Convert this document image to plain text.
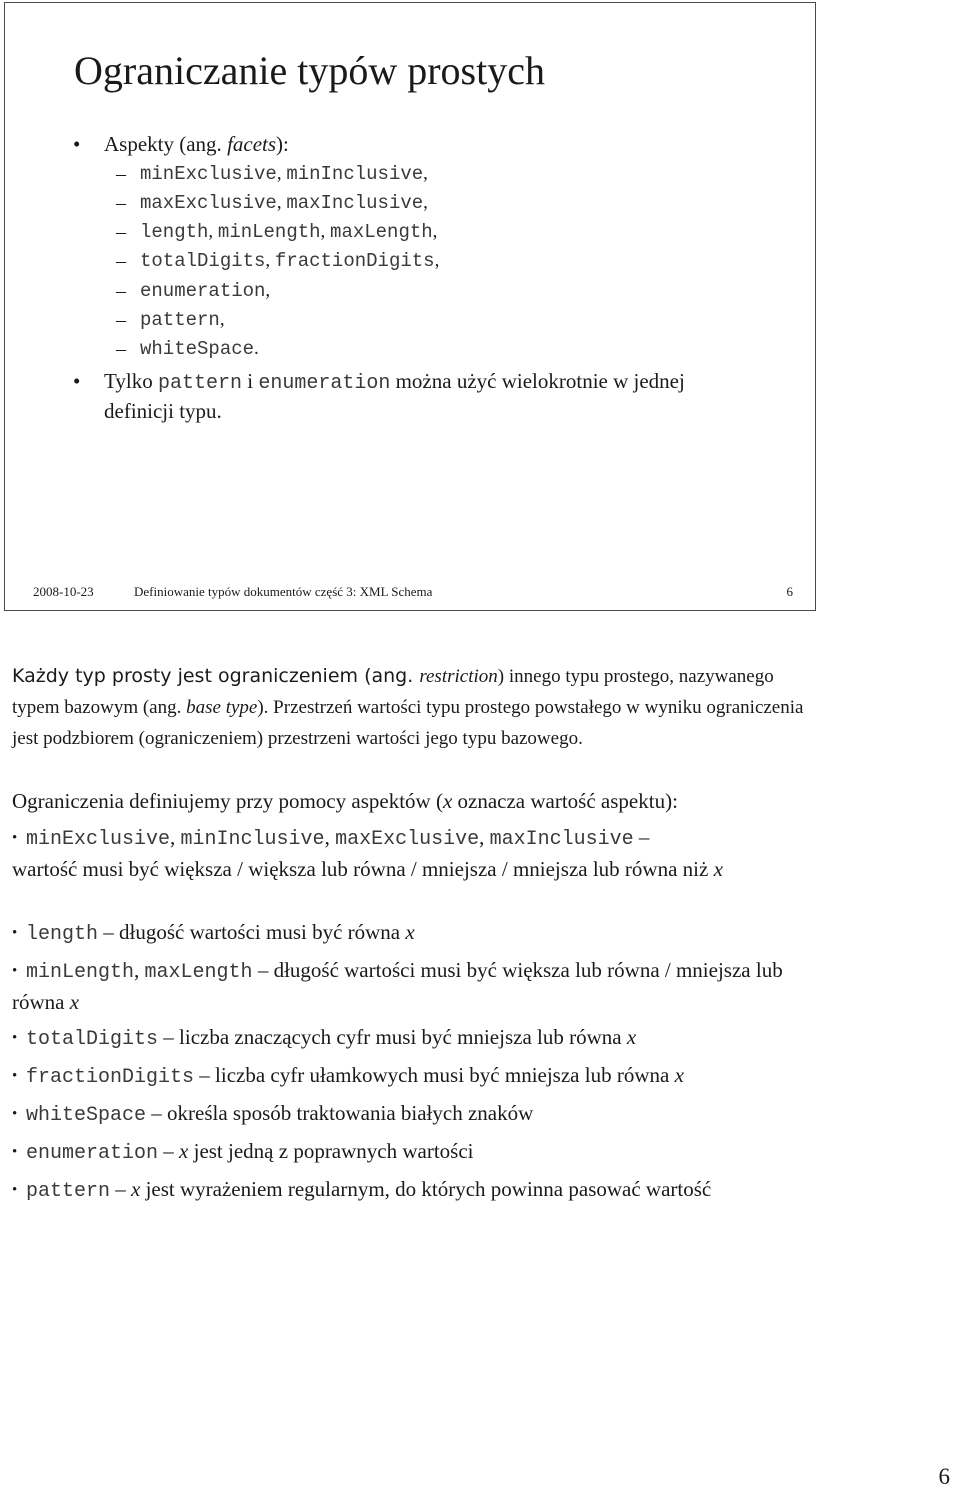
Ograniczanie typów prostych
• Aspekty (ang. facets):
– minExclusive, minInclusive,
– maxExclusive, maxInclusive,
– length, minLength, maxLength,
– totalDigits, fractionDigits,
– enumeration,
– pattern,
– whiteSpace.
• Tylko pattern i enumeration można użyć wielokrotnie w jednej
definicji typu.
2008-10-23	Definiowanie typów dokumentów część 3: XML Schema	6
Każdy typ prosty jest ograniczeniem (ang. restriction) innego typu prostego, nazywanego typem bazowym (ang. base type). Przestrzeń wartości typu prostego powstałego w wyniku ograniczenia jest podzbiorem (ograniczeniem) przestrzeni wartości jego typu bazowego.
Ograniczenia definiujemy przy pomocy aspektów (x oznacza wartość aspektu):
• minExclusive, minInclusive, maxExclusive, maxInclusive –
wartość musi być większa / większa lub równa / mniejsza / mniejsza lub równa niż x
• length – długość wartości musi być równa x
• minLength, maxLength – długość wartości musi być większa lub równa / mniejsza lub równa x
• totalDigits – liczba znaczących cyfr musi być mniejsza lub równa x
• fractionDigits – liczba cyfr ułamkowych musi być mniejsza lub równa x
• whiteSpace – określa sposób traktowania białych znaków
• enumeration – x jest jedną z poprawnych wartości
• pattern – x jest wyrażeniem regularnym, do których powinna pasować wartość
6
